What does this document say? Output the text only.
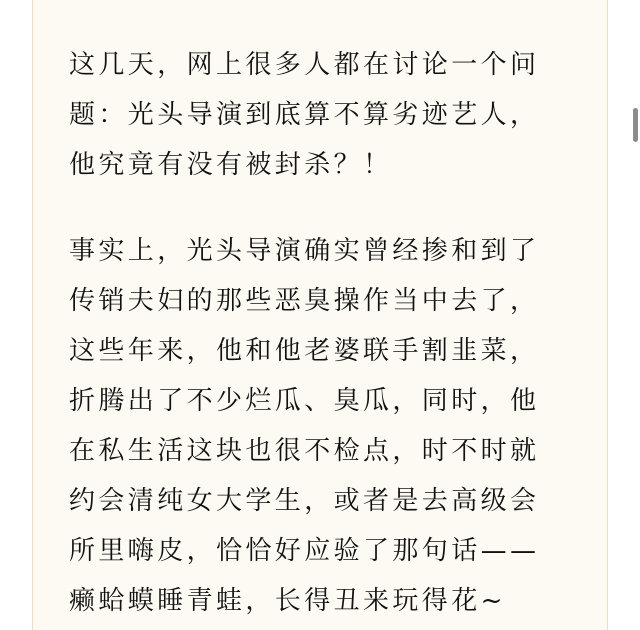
这几天，网上很多人都在讨论一个问
题：光头导演到底算不算劣迹艺人，
他究竟有没有被封杀？！

事实上，光头导演确实曾经掺和到了
传销夫妇的那些恶臭操作当中去了，
这些年来，他和他老婆联手割韭菜，
折腾出了不少烂瓜、臭瓜，同时，他
在私生活这块也很不检点，时不时就
约会清纯女大学生，或者是去高级会
所里嗨皮，恰恰好应验了那句话——
癞蛤蟆睡青蛙，长得丑来玩得花~
